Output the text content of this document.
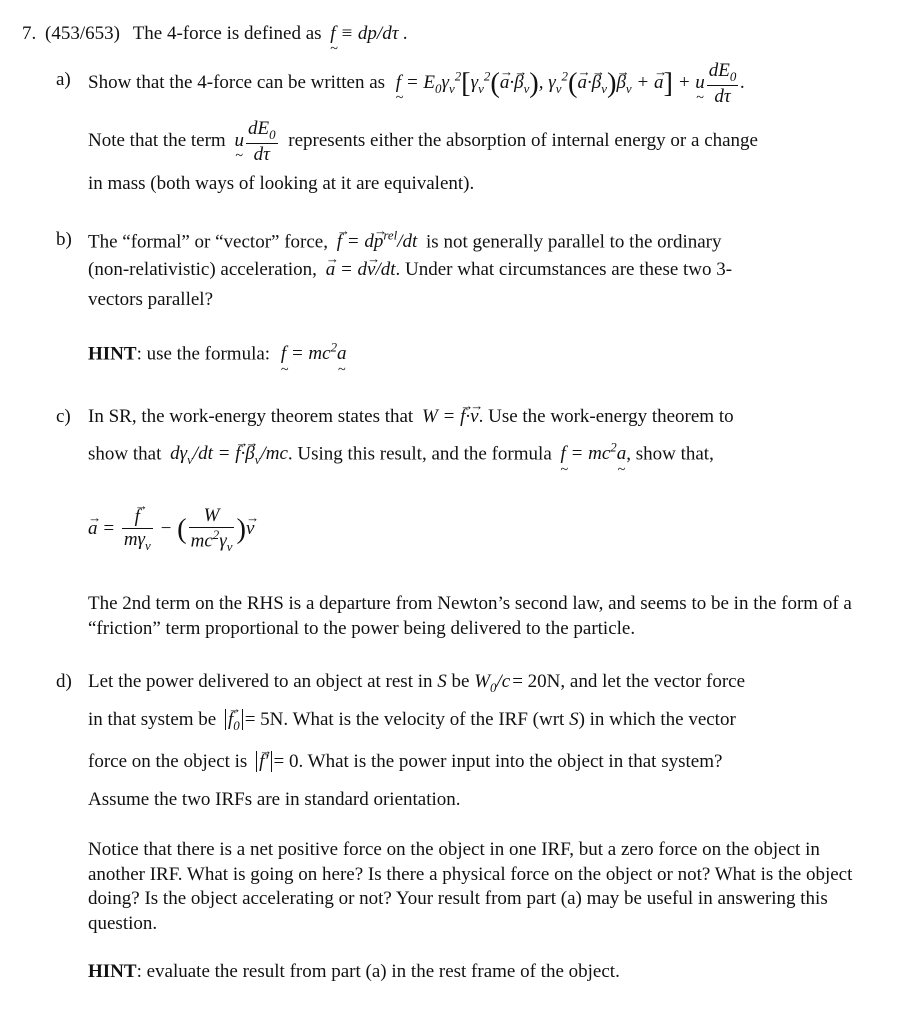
7. (453/653) The 4-force is defined as f ~ ≡ dp/dτ .
a) Show that the 4-force can be written as f ~ = $E_0\gamma_v^2[\gamma_v^2(\to a\cdot\to \beta_v)$, $\gamma_v^2(\to a\cdot\to \beta_v)\to \beta_v$ + → a] + u ~ $\frac{dE_0}{d\tau}$ .
Note that the term u ~ $\frac{dE_0}{d\tau}$ represents either the absorption of internal energy or a change
in mass (both ways of looking at it are equivalent).
b) The “formal” or “vector” force, → $f = d\to p^{rel}/dt$ is not generally parallel to the ordinary
(non-relativistic) acceleration, → a = d→ v/dt. Under what circumstances are these two 3-
vectors parallel?
HINT: use the formula: f ~ = $mc^2a$ ~
c) In SR, the work-energy theorem states that W = → f·→ v. Use the work-energy theorem to
show that $d\gamma_v/dt$ = → $f\cdot\to \beta_v/mc$. Using this result, and the formula f ~ = $mc^2a$ ~, show that,
→ a = → $\frac{f}{m\gamma_v}$ − ( $\frac{W}{mc^2\gamma_v}$ )→ v
The 2nd term on the RHS is a departure from Newton’s second law, and seems to be in the form of a “friction” term proportional to the power being delivered to the particle.
d) Let the power delivered to an object at rest in S be $W_0/c = 20N$, and let the vector force
in that system be → $f_0 = 5N$. What is the velocity of the IRF (wrt S) in which the vector
force on the object is → f′ = 0. What is the power input into the object in that system?
Assume the two IRFs are in standard orientation.
Notice that there is a net positive force on the object in one IRF, but a zero force on the object in another IRF. What is going on here? Is there a physical force on the object or not? What is the object doing? Is the object accelerating or not? Your result from part (a) may be useful in answering this question.
HINT: evaluate the result from part (a) in the rest frame of the object.
